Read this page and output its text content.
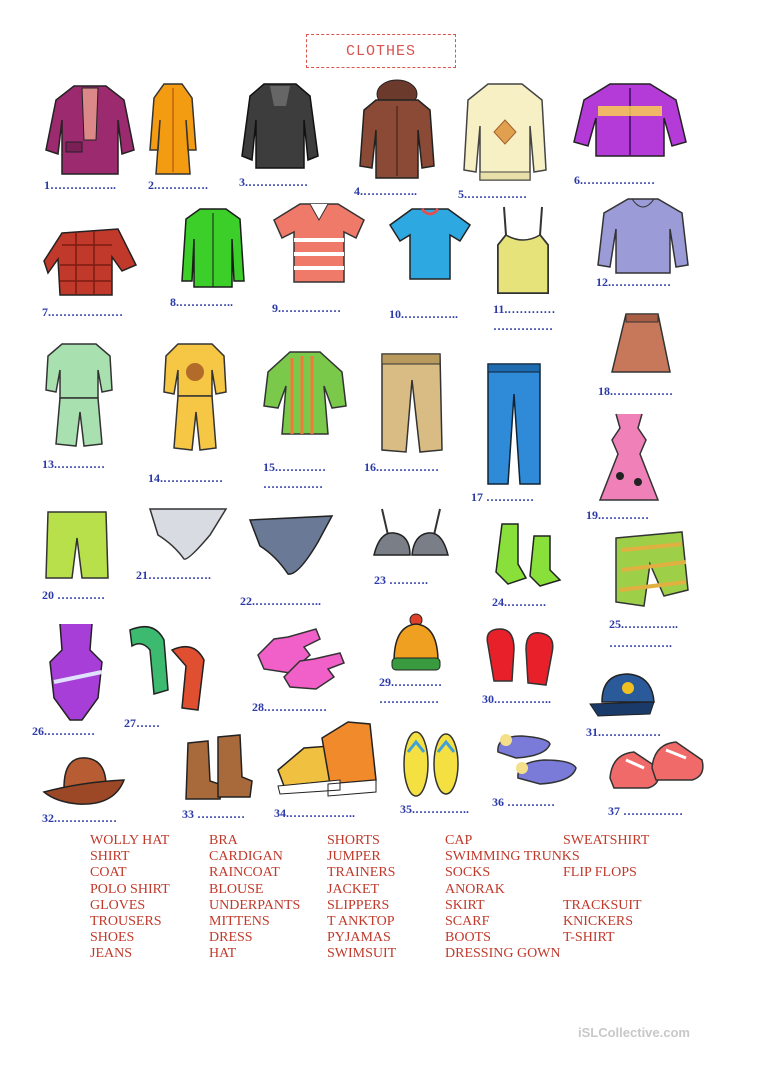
CLOTHES
1……………..	2.………….	3.……………
4.…………..	5.……………
6.………………
7.………………
8.…………..	9.……………	10.…………..	11.…………
……………
12.……………
13.…………
14.……………
15.…………
……………
16.……………
17 …………
18.……………
19.…………
20 …………
21…………….
22.……………..
23 ……….
24.……….
25.…………..
…………….
26.…………
27……
28.……………
29.…………
……………	30.…………..
31.……………
32.……………	33 ………… 34.……………..	35.………….. 36 …………
37 ……………
WOLLY HAT
SHIRT
COAT
POLO SHIRT
GLOVES
TROUSERS
SHOES
JEANS
BRA
CARDIGAN
RAINCOAT
BLOUSE
UNDERPANTS
MITTENS
DRESS
HAT
SHORTS
JUMPER
TRAINERS
JACKET
SLIPPERS
T ANKTOP
PYJAMAS
SWIMSUIT
CAP
SWIMMING TRUNKS
SOCKS
ANORAK
SKIRT
SCARF
BOOTS
DRESSING GOWN
SWEATSHIRT
FLIP FLOPS
TRACKSUIT
KNICKERS
T-SHIRT
iSLCollective.com
